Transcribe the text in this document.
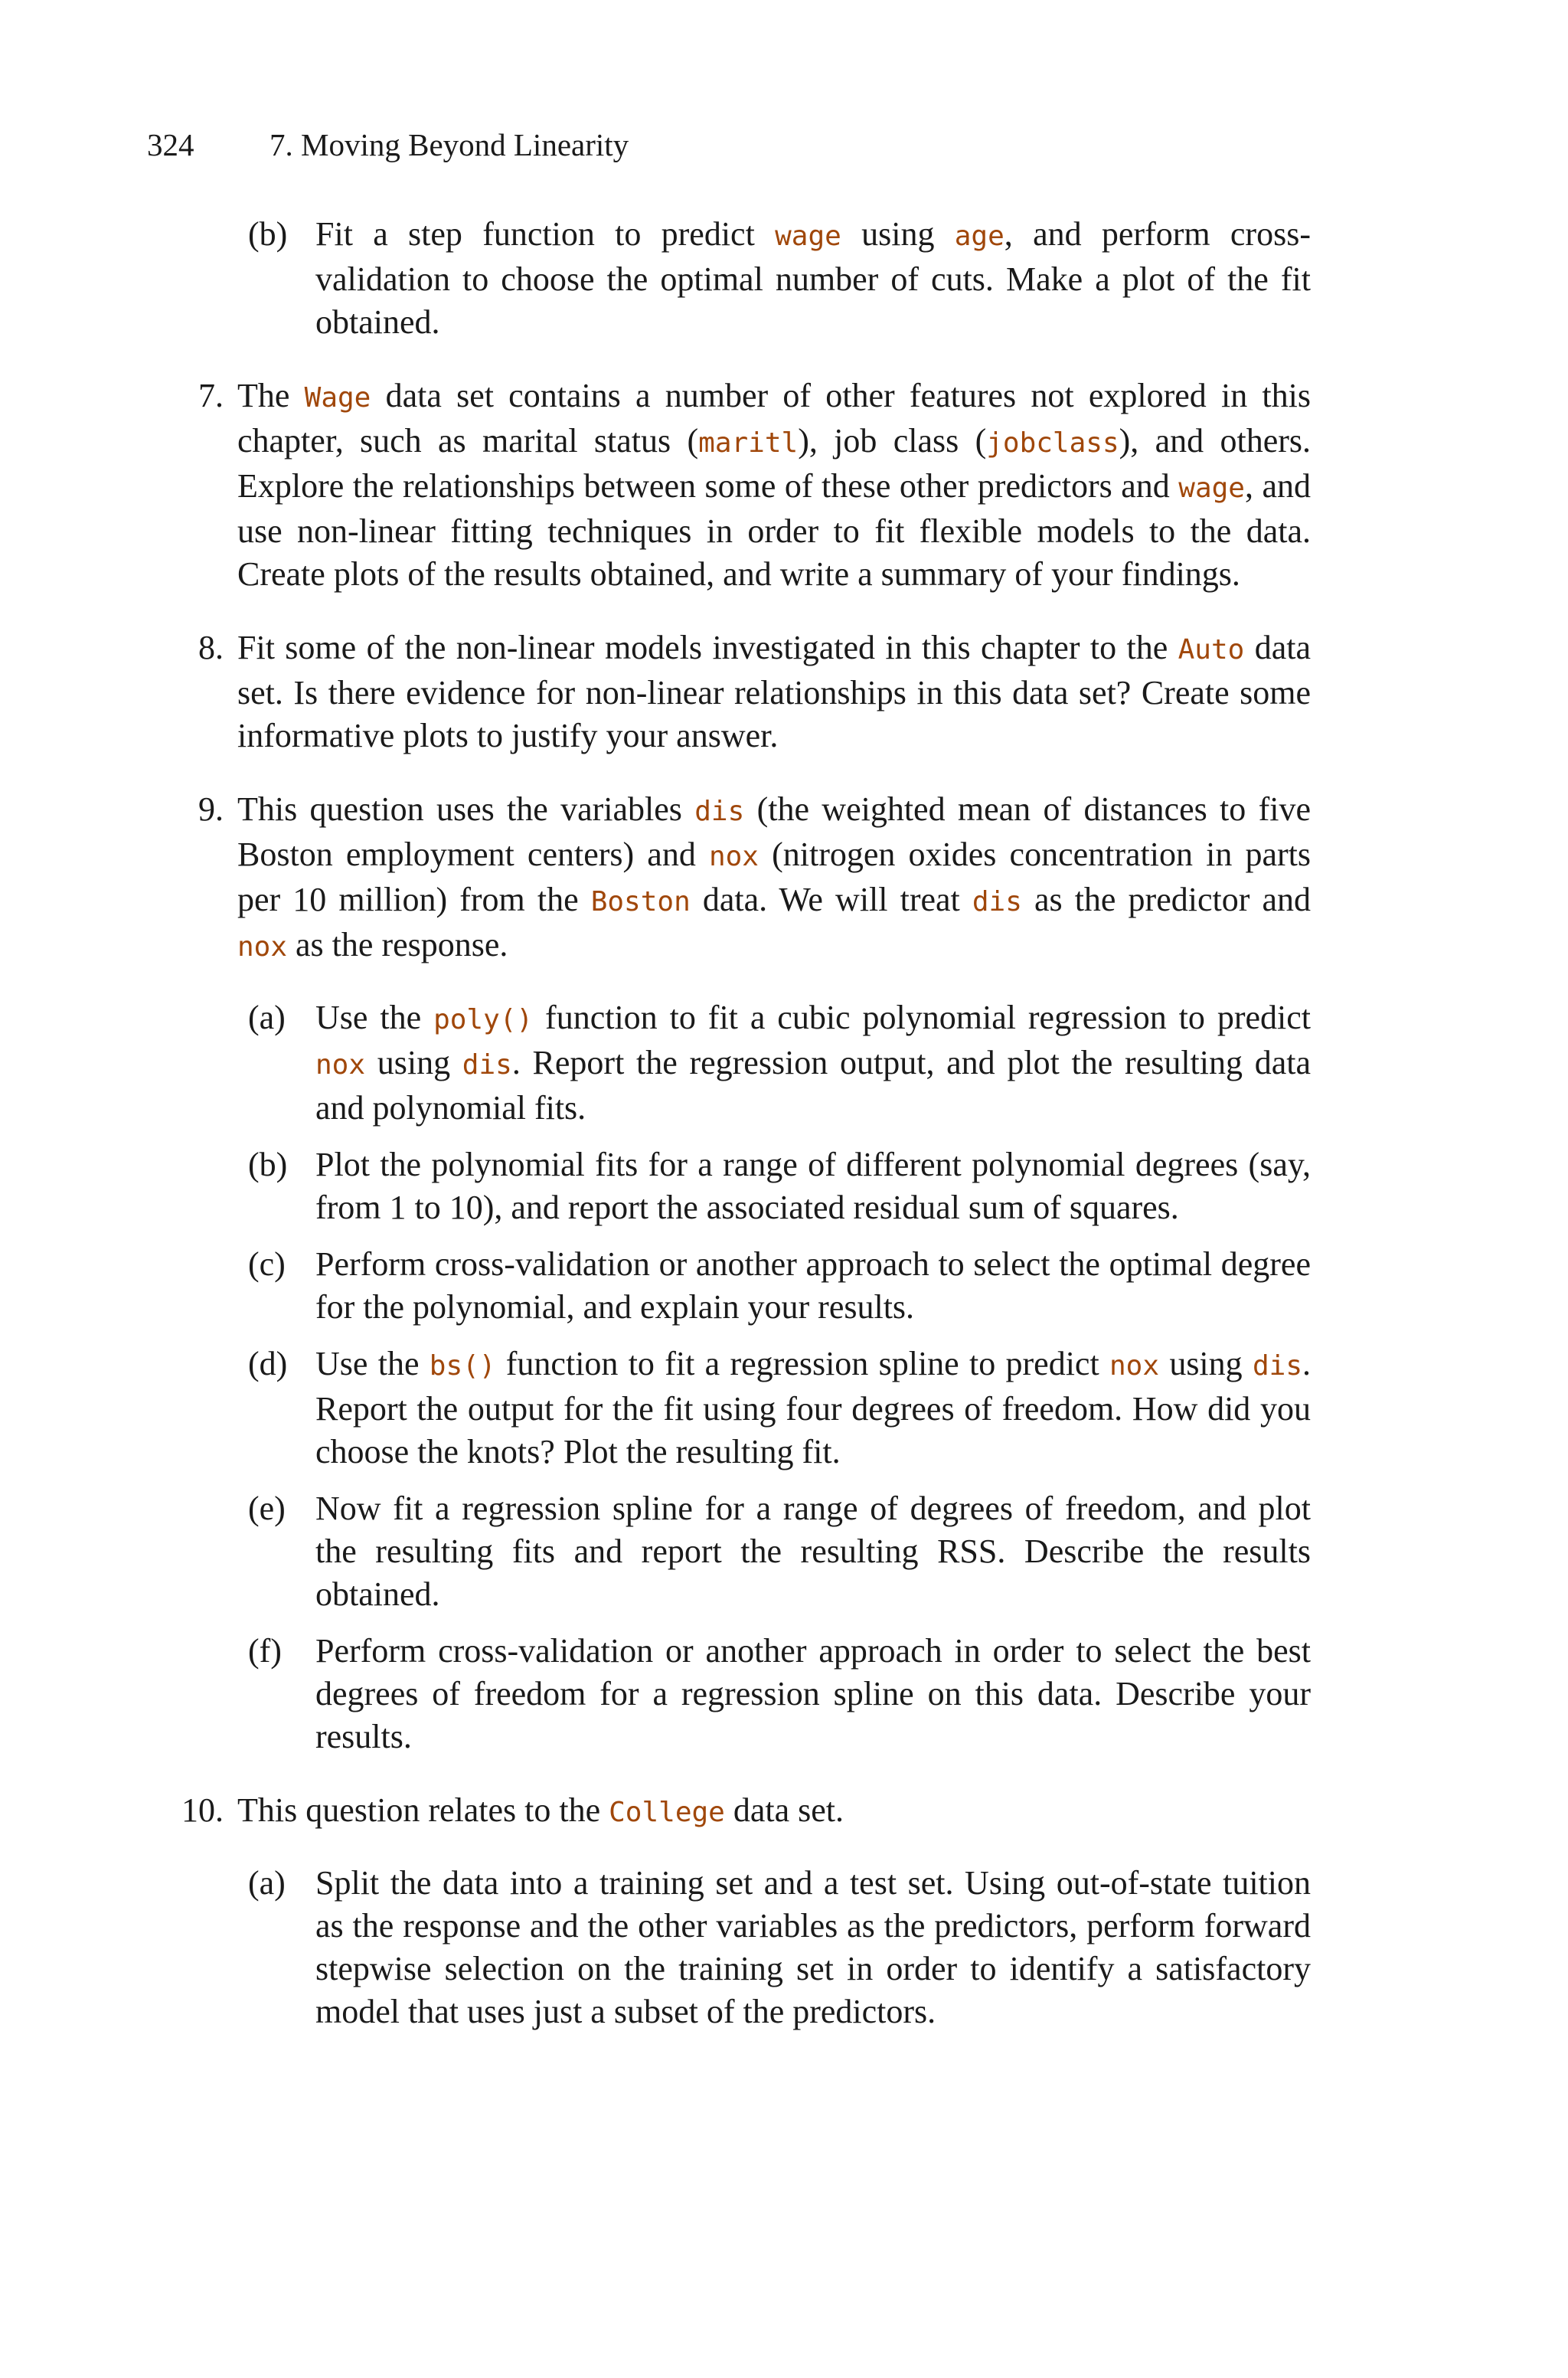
324 7. Moving Beyond Linearity
(b) Fit a step function to predict wage using age, and perform cross-validation to choose the optimal number of cuts. Make a plot of the fit obtained.
7. The Wage data set contains a number of other features not explored in this chapter, such as marital status (maritl), job class (jobclass), and others. Explore the relationships between some of these other predictors and wage, and use non-linear fitting techniques in order to fit flexible models to the data. Create plots of the results obtained, and write a summary of your findings.
8. Fit some of the non-linear models investigated in this chapter to the Auto data set. Is there evidence for non-linear relationships in this data set? Create some informative plots to justify your answer.
9. This question uses the variables dis (the weighted mean of distances to five Boston employment centers) and nox (nitrogen oxides concentration in parts per 10 million) from the Boston data. We will treat dis as the predictor and nox as the response.
(a) Use the poly() function to fit a cubic polynomial regression to predict nox using dis. Report the regression output, and plot the resulting data and polynomial fits.
(b) Plot the polynomial fits for a range of different polynomial degrees (say, from 1 to 10), and report the associated residual sum of squares.
(c) Perform cross-validation or another approach to select the optimal degree for the polynomial, and explain your results.
(d) Use the bs() function to fit a regression spline to predict nox using dis. Report the output for the fit using four degrees of freedom. How did you choose the knots? Plot the resulting fit.
(e) Now fit a regression spline for a range of degrees of freedom, and plot the resulting fits and report the resulting RSS. Describe the results obtained.
(f) Perform cross-validation or another approach in order to select the best degrees of freedom for a regression spline on this data. Describe your results.
10. This question relates to the College data set.
(a) Split the data into a training set and a test set. Using out-of-state tuition as the response and the other variables as the predictors, perform forward stepwise selection on the training set in order to identify a satisfactory model that uses just a subset of the predictors.
